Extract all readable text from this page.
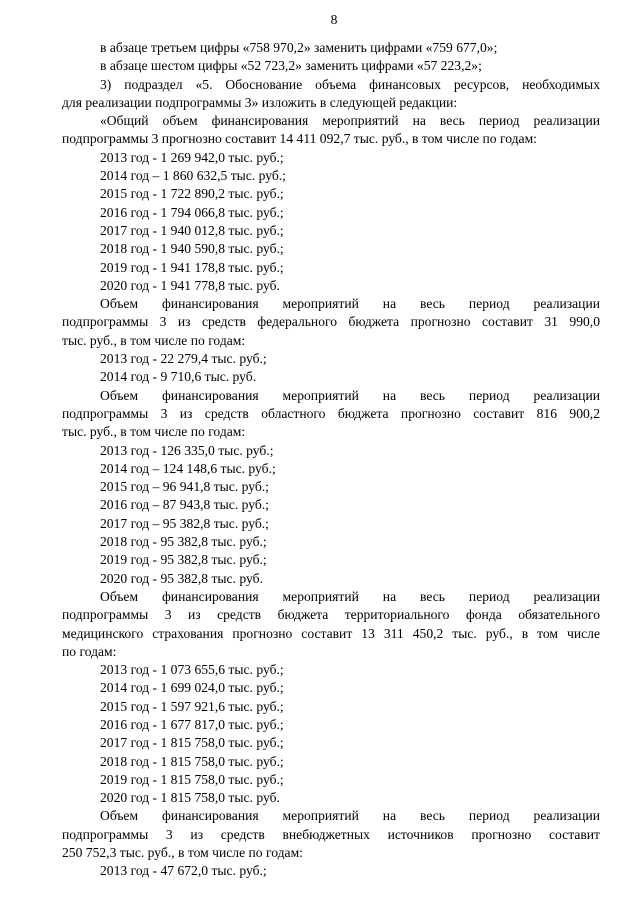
8
в абзаце третьем цифры «758 970,2» заменить цифрами «759 677,0»;
в абзаце шестом цифры «52 723,2» заменить цифрами «57 223,2»;
3) подраздел «5. Обоснование объема финансовых ресурсов, необходимых
для реализации подпрограммы 3» изложить в следующей редакции:
«Общий объем финансирования мероприятий на весь период реализации
подпрограммы 3 прогнозно составит 14 411 092,7 тыс. руб., в том числе по годам:
2013 год - 1 269 942,0 тыс. руб.;
2014 год – 1 860 632,5 тыс. руб.;
2015 год - 1 722 890,2 тыс. руб.;
2016 год - 1 794 066,8 тыс. руб.;
2017 год - 1 940 012,8 тыс. руб.;
2018 год - 1 940 590,8 тыс. руб.;
2019 год - 1 941 178,8 тыс. руб.;
2020 год - 1 941 778,8 тыс. руб.
Объем финансирования мероприятий на весь период реализации
подпрограммы 3 из средств федерального бюджета прогнозно составит 31 990,0
тыс. руб., в том числе по годам:
2013 год - 22 279,4 тыс. руб.;
2014 год - 9 710,6 тыс. руб.
Объем финансирования мероприятий на весь период реализации
подпрограммы 3 из средств областного бюджета прогнозно составит 816 900,2
тыс. руб., в том числе по годам:
2013 год - 126 335,0 тыс. руб.;
2014 год – 124 148,6 тыс. руб.;
2015 год – 96 941,8 тыс. руб.;
2016 год – 87 943,8 тыс. руб.;
2017 год – 95 382,8 тыс. руб.;
2018 год - 95 382,8 тыс. руб.;
2019 год - 95 382,8 тыс. руб.;
2020 год - 95 382,8 тыс. руб.
Объем финансирования мероприятий на весь период реализации
подпрограммы 3 из средств бюджета территориального фонда обязательного
медицинского страхования прогнозно составит 13 311 450,2 тыс. руб., в том числе
по годам:
2013 год - 1 073 655,6 тыс. руб.;
2014 год - 1 699 024,0 тыс. руб.;
2015 год - 1 597 921,6 тыс. руб.;
2016 год - 1 677 817,0 тыс. руб.;
2017 год - 1 815 758,0 тыс. руб.;
2018 год - 1 815 758,0 тыс. руб.;
2019 год - 1 815 758,0 тыс. руб.;
2020 год - 1 815 758,0 тыс. руб.
Объем финансирования мероприятий на весь период реализации
подпрограммы 3 из средств внебюджетных источников прогнозно составит
250 752,3 тыс. руб., в том числе по годам:
2013 год - 47 672,0 тыс. руб.;
